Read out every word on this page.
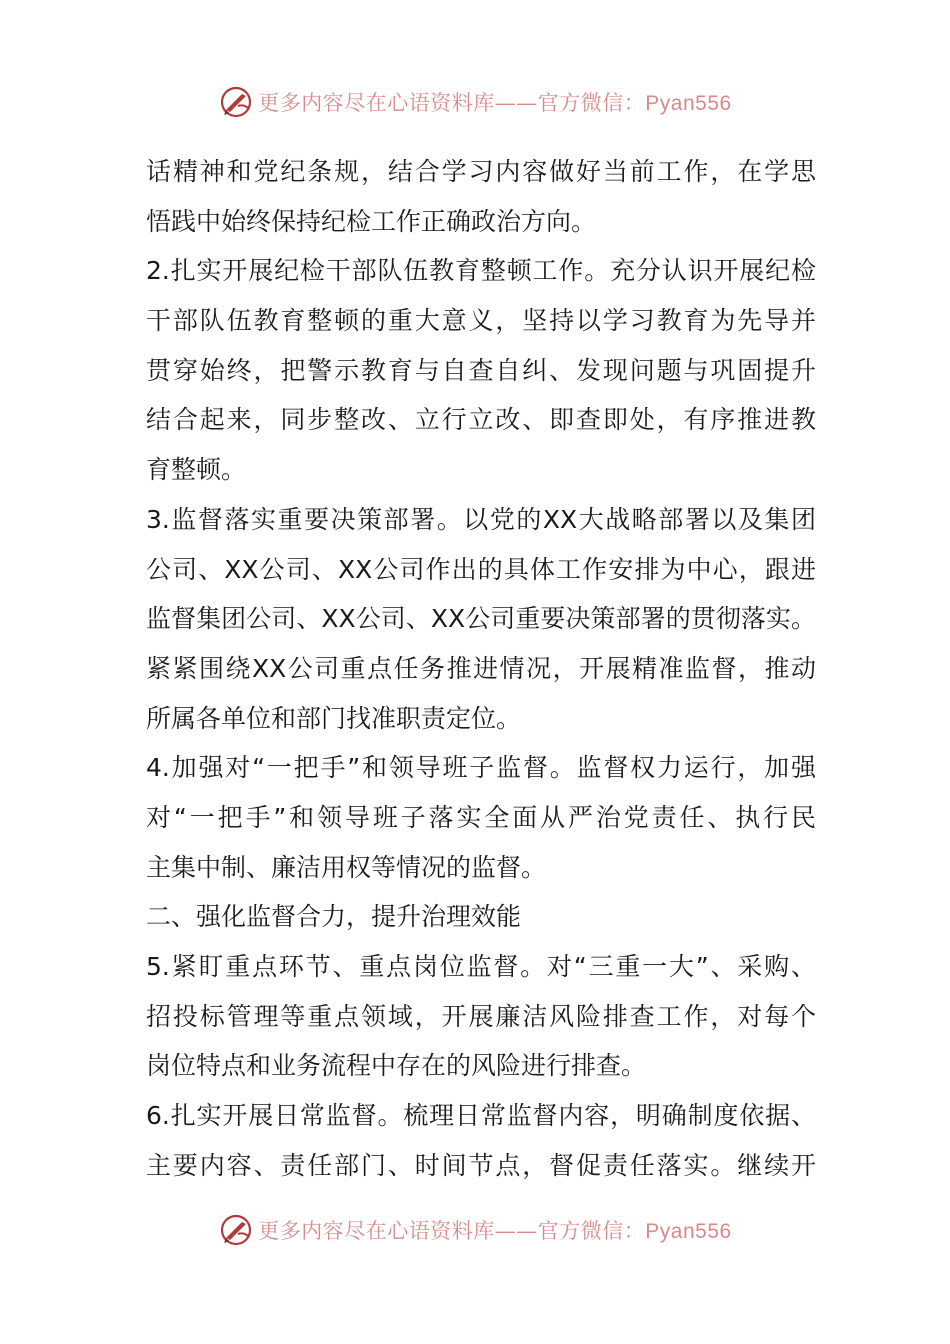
更多内容尽在心语资料库——官方微信：Pyan556
话精神和党纪条规，结合学习内容做好当前工作，在学思
悟践中始终保持纪检工作正确政治方向。
2.扎实开展纪检干部队伍教育整顿工作。充分认识开展纪检
干部队伍教育整顿的重大意义，坚持以学习教育为先导并
贯穿始终，把警示教育与自查自纠、发现问题与巩固提升
结合起来，同步整改、立行立改、即查即处，有序推进教
育整顿。
3.监督落实重要决策部署。以党的XX大战略部署以及集团
公司、XX公司、XX公司作出的具体工作安排为中心，跟进
监督集团公司、XX公司、XX公司重要决策部署的贯彻落实。
紧紧围绕XX公司重点任务推进情况，开展精准监督，推动
所属各单位和部门找准职责定位。
4.加强对“一把手”和领导班子监督。监督权力运行，加强
对“一把手”和领导班子落实全面从严治党责任、执行民
主集中制、廉洁用权等情况的监督。
二、强化监督合力，提升治理效能
5.紧盯重点环节、重点岗位监督。对“三重一大”、采购、
招投标管理等重点领域，开展廉洁风险排查工作，对每个
岗位特点和业务流程中存在的风险进行排查。
6.扎实开展日常监督。梳理日常监督内容，明确制度依据、
主要内容、责任部门、时间节点，督促责任落实。继续开
更多内容尽在心语资料库——官方微信：Pyan556
